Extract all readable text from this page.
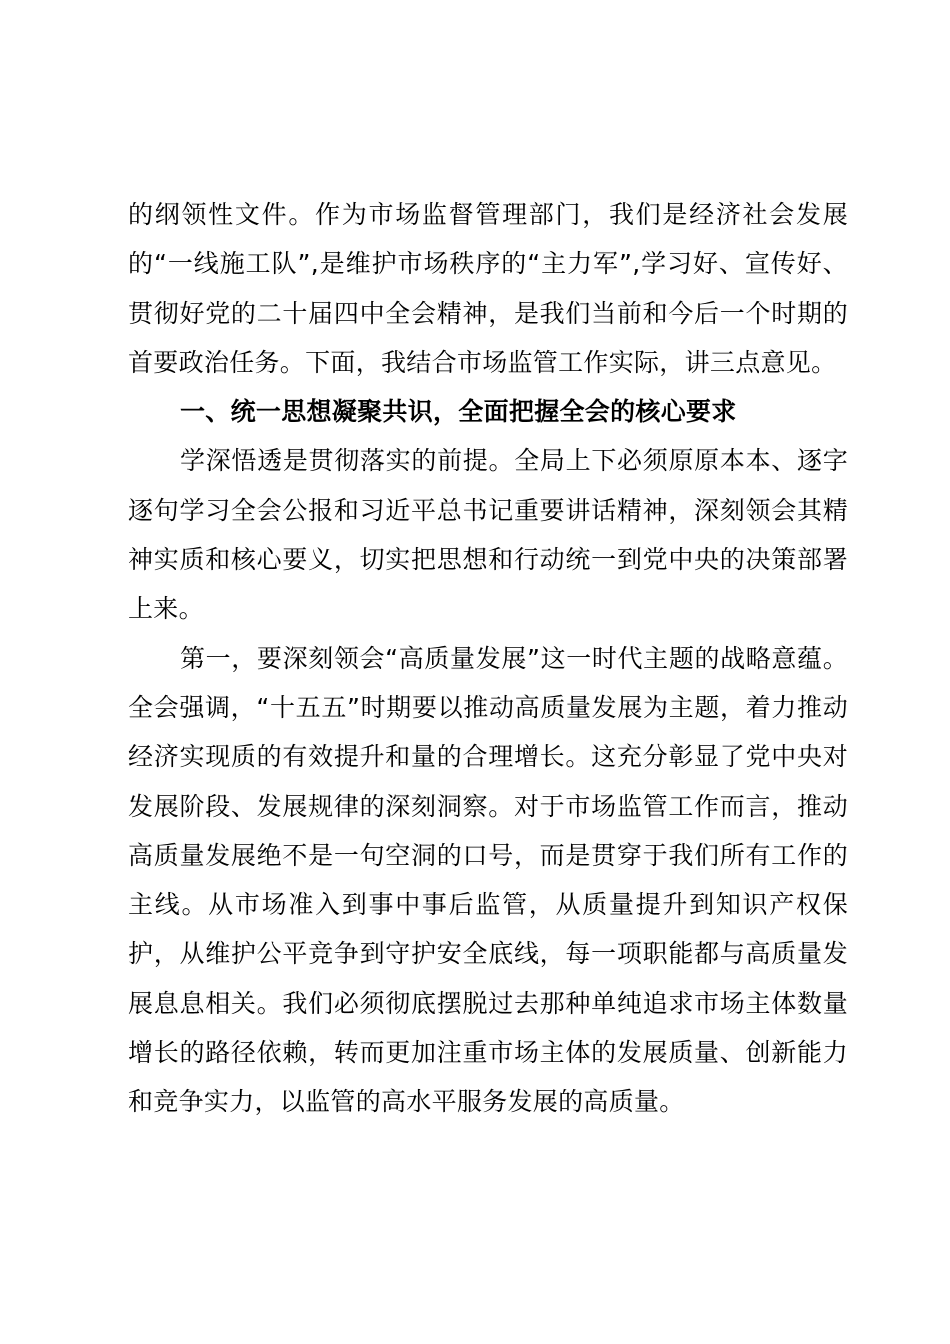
的纲领性文件。作为市场监督管理部门，我们是经济社会发展的“一线施工队”,是维护市场秩序的“主力军”,学习好、宣传好、贯彻好党的二十届四中全会精神，是我们当前和今后一个时期的首要政治任务。下面，我结合市场监管工作实际，讲三点意见。

一、统一思想凝聚共识，全面把握全会的核心要求

学深悟透是贯彻落实的前提。全局上下必须原原本本、逐字逐句学习全会公报和习近平总书记重要讲话精神，深刻领会其精神实质和核心要义，切实把思想和行动统一到党中央的决策部署上来。

第一，要深刻领会“高质量发展”这一时代主题的战略意蕴。全会强调，“十五五”时期要以推动高质量发展为主题，着力推动经济实现质的有效提升和量的合理增长。这充分彰显了党中央对发展阶段、发展规律的深刻洞察。对于市场监管工作而言，推动高质量发展绝不是一句空洞的口号，而是贯穿于我们所有工作的主线。从市场准入到事中事后监管，从质量提升到知识产权保护，从维护公平竞争到守护安全底线，每一项职能都与高质量发展息息相关。我们必须彻底摆脱过去那种单纯追求市场主体数量增长的路径依赖，转而更加注重市场主体的发展质量、创新能力和竞争实力，以监管的高水平服务发展的高质量。
